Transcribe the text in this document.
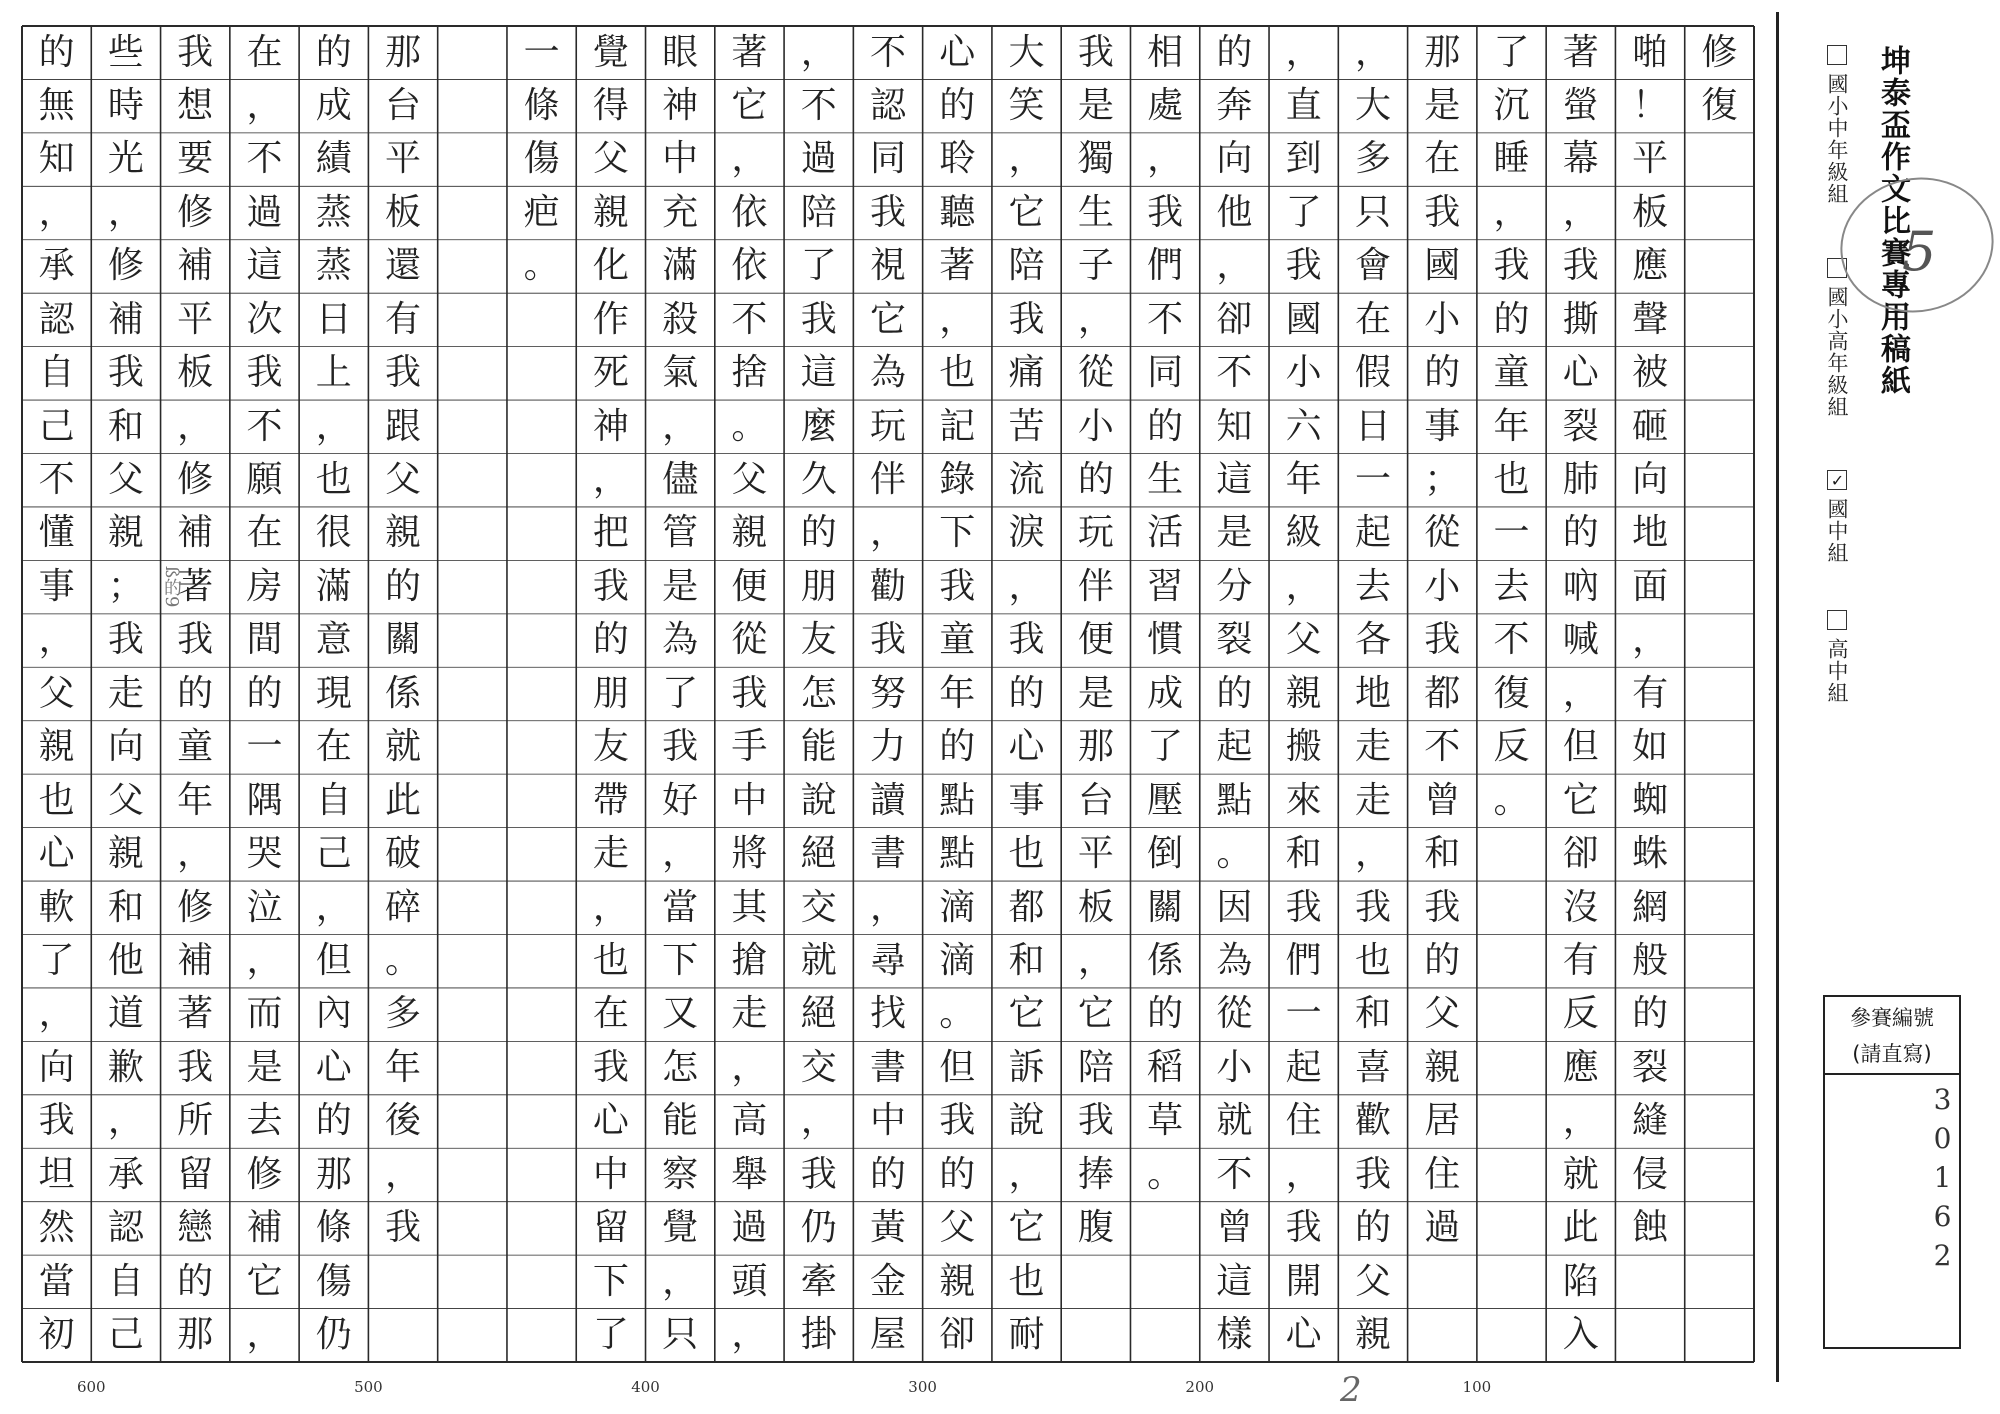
修
復
啪
！
平
板
應
聲
被
砸
向
地
面
，
有
如
蜘
蛛
網
般
的
裂
縫
侵
蝕
著
螢
幕
，
我
撕
心
裂
肺
的
吶
喊
，
但
它
卻
沒
有
反
應
，
就
此
陷
入
了
沉
睡
，
我
的
童
年
也
一
去
不
復
反
。
那
是
在
我
國
小
的
事
；
從
小
我
都
不
曾
和
我
的
父
親
居
住
過
，
大
多
只
會
在
假
日
一
起
去
各
地
走
走
，
我
也
和
喜
歡
我
的
父
親
，
直
到
了
我
國
小
六
年
級
，
父
親
搬
來
和
我
們
一
起
住
，
我
開
心
的
奔
向
他
，
卻
不
知
這
是
分
裂
的
起
點
。
因
為
從
小
就
不
曾
這
樣
相
處
，
我
們
不
同
的
生
活
習
慣
成
了
壓
倒
關
係
的
稻
草
。
我
是
獨
生
子
，
從
小
的
玩
伴
便
是
那
台
平
板
，
它
陪
我
捧
腹
大
笑
，
它
陪
我
痛
苦
流
淚
，
我
的
心
事
也
都
和
它
訴
說
，
它
也
耐
心
的
聆
聽
著
，
也
記
錄
下
我
童
年
的
點
點
滴
滴
。
但
我
的
父
親
卻
不
認
同
我
視
它
為
玩
伴
，
勸
我
努
力
讀
書
，
尋
找
書
中
的
黃
金
屋
，
不
過
陪
了
我
這
麼
久
的
朋
友
怎
能
說
絕
交
就
絕
交
，
我
仍
牽
掛
著
它
，
依
依
不
捨
。
父
親
便
從
我
手
中
將
其
搶
走
，
高
舉
過
頭
，
眼
神
中
充
滿
殺
氣
，
儘
管
是
為
了
我
好
，
當
下
又
怎
能
察
覺
，
只
覺
得
父
親
化
作
死
神
，
把
我
的
朋
友
帶
走
，
也
在
我
心
中
留
下
了
一
條
傷
疤
。
那
台
平
板
還
有
我
跟
父
親
的
關
係
就
此
破
碎
。
多
年
後
，
我
的
成
績
蒸
蒸
日
上
，
也
很
滿
意
現
在
自
己
，
但
內
心
的
那
條
傷
仍
在
，
不
過
這
次
我
不
願
在
房
間
的
一
隅
哭
泣
，
而
是
去
修
補
它
，
我
想
要
修
補
平
板
，
修
補
著
我
的
童
年
，
修
補
著
我
所
留
戀
的
那
些
時
光
，
修
補
我
和
父
親
；
我
走
向
父
親
和
他
道
歉
，
承
認
自
己
的
無
知
，
承
認
自
己
不
懂
事
，
父
親
也
心
軟
了
，
向
我
坦
然
當
初
600	500	400	300	200	100
坤泰盃作文比賽專用稿紙
國小中年級組
國小高年級組
✓國中組
高中組
5
參賽編號
(請直寫)
30162
2
ß的9
